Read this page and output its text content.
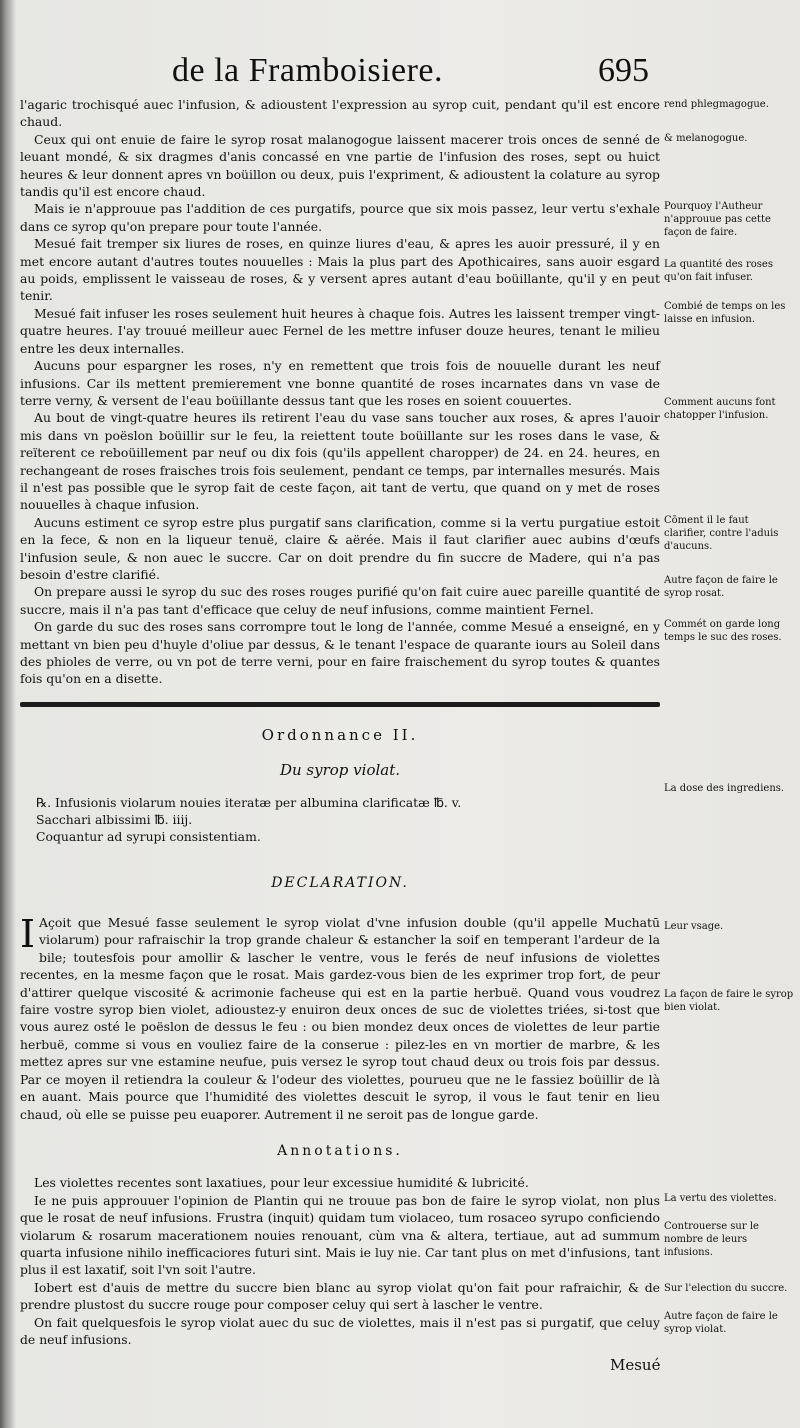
de la Framboisiere.	695

l'agaric trochisqué auec l'infusion, & adioustent l'expression au syrop cuit, pendant qu'il est encore chaud.

Ceux qui ont enuie de faire le syrop rosat malanogogue laissent macerer trois onces de senné de leuant mondé, & six dragmes d'anis concassé en vne partie de l'infusion des roses, sept ou huict heures & leur donnent apres vn boüillon ou deux, puis l'expriment, & adioustent la colature au syrop tandis qu'il est encore chaud.

Mais ie n'approuue pas l'addition de ces purgatifs, pource que six mois passez, leur vertu s'exhale dans ce syrop qu'on prepare pour toute l'année.

Mesué fait tremper six liures de roses, en quinze liures d'eau, & apres les auoir pressuré, il y en met encore autant d'autres toutes nouuelles : Mais la plus part des Apothicaires, sans auoir esgard au poids, emplissent le vaisseau de roses, & y versent apres autant d'eau boüillante, qu'il y en peut tenir.

Mesué fait infuser les roses seulement huit heures à chaque fois. Autres les laissent tremper vingt-quatre heures. I'ay trouué meilleur auec Fernel de les mettre infuser douze heures, tenant le milieu entre les deux internalles.

Aucuns pour espargner les roses, n'y en remettent que trois fois de nouuelle durant les neuf infusions. Car ils mettent premierement vne bonne quantité de roses incarnates dans vn vase de terre verny, & versent de l'eau boüillante dessus tant que les roses en soient couuertes.

Au bout de vingt-quatre heures ils retirent l'eau du vase sans toucher aux roses, & apres l'auoir mis dans vn poëslon boüillir sur le feu, la reiettent toute boüillante sur les roses dans le vase, & reïterent ce reboüillement par neuf ou dix fois (qu'ils appellent charopper) de 24. en 24. heures, en rechangeant de roses fraisches trois fois seulement, pendant ce temps, par internalles mesurés. Mais il n'est pas possible que le syrop fait de ceste façon, ait tant de vertu, que quand on y met de roses nouuelles à chaque infusion.

Aucuns estiment ce syrop estre plus purgatif sans clarification, comme si la vertu purgatiue estoit en la fece, & non en la liqueur tenuë, claire & aërée. Mais il faut clarifier auec aubins d'œufs l'infusion seule, & non auec le succre. Car on doit prendre du fin succre de Madere, qui n'a pas besoin d'estre clarifié.

On prepare aussi le syrop du suc des roses rouges purifié qu'on fait cuire auec pareille quantité de succre, mais il n'a pas tant d'efficace que celuy de neuf infusions, comme maintient Fernel.

On garde du suc des roses sans corrompre tout le long de l'année, comme Mesué a enseigné, en y mettant vn bien peu d'huyle d'oliue par dessus, & le tenant l'espace de quarante iours au Soleil dans des phioles de verre, ou vn pot de terre verni, pour en faire fraischement du syrop toutes & quantes fois qu'on en a disette.

Ordonnance II.
Du syrop violat.
℞. Infusionis violarum nouies iteratæ per albumina clarificatæ ℔. v.
Sacchari albissimi ℔. iiij.
Coquantur ad syrupi consistentiam.
DECLARATION.

I Açoit que Mesué fasse seulement le syrop violat d'vne infusion double (qu'il appelle Muchatū violarum) pour rafraischir la trop grande chaleur & estancher la soif en temperant l'ardeur de la bile; toutesfois pour amollir & lascher le ventre, vous le ferés de neuf infusions de violettes recentes, en la mesme façon que le rosat. Mais gardez-vous bien de les exprimer trop fort, de peur d'attirer quelque viscosité & acrimonie facheuse qui est en la partie herbuë. Quand vous voudrez faire vostre syrop bien violet, adioustez-y enuiron deux onces de suc de violettes triées, si-tost que vous aurez osté le poëslon de dessus le feu : ou bien mondez deux onces de violettes de leur partie herbuë, comme si vous en vouliez faire de la conserue : pilez-les en vn mortier de marbre, & les mettez apres sur vne estamine neufue, puis versez le syrop tout chaud deux ou trois fois par dessus. Par ce moyen il retiendra la couleur & l'odeur des violettes, pourueu que ne le fassiez boüillir de là en auant. Mais pource que l'humidité des violettes descuit le syrop, il vous le faut tenir en lieu chaud, où elle se puisse peu euaporer. Autrement il ne seroit pas de longue garde.

Annotations.

Les violettes recentes sont laxatiues, pour leur excessiue humidité & lubricité.

Ie ne puis approuuer l'opinion de Plantin qui ne trouue pas bon de faire le syrop violat, non plus que le rosat de neuf infusions. Frustra (inquit) quidam tum violaceo, tum rosaceo syrupo conficiendo violarum & rosarum macerationem nouies renouant, cùm vna & altera, tertiaue, aut ad summum quarta infusione nihilo inefficaciores futuri sint. Mais ie luy nie. Car tant plus on met d'infusions, tant plus il est laxatif, soit l'vn soit l'autre.

Iobert est d'auis de mettre du succre bien blanc au syrop violat qu'on fait pour rafraichir, & de prendre plustost du succre rouge pour composer celuy qui sert à lascher le ventre.

On fait quelquesfois le syrop violat auec du suc de violettes, mais il n'est pas si purgatif, que celuy de neuf infusions.

rend phlegmagogue.
& melanogogue.
Pourquoy l'Autheur n'approuue pas cette façon de faire.
La quantité des roses qu'on fait infuser.
Combié de temps on les laisse en infusion.
Comment aucuns font chatopper l'infusion.
Cōment il le faut clarifier, contre l'aduis d'aucuns.
Autre façon de faire le syrop rosat.
Commét on garde long temps le suc des roses.
La dose des ingrediens.
Leur vsage.
La façon de faire le syrop bien violat.
La vertu des violettes.
Controuerse sur le nombre de leurs infusions.
Sur l'election du succre.
Autre façon de faire le syrop violat.
Mesué
